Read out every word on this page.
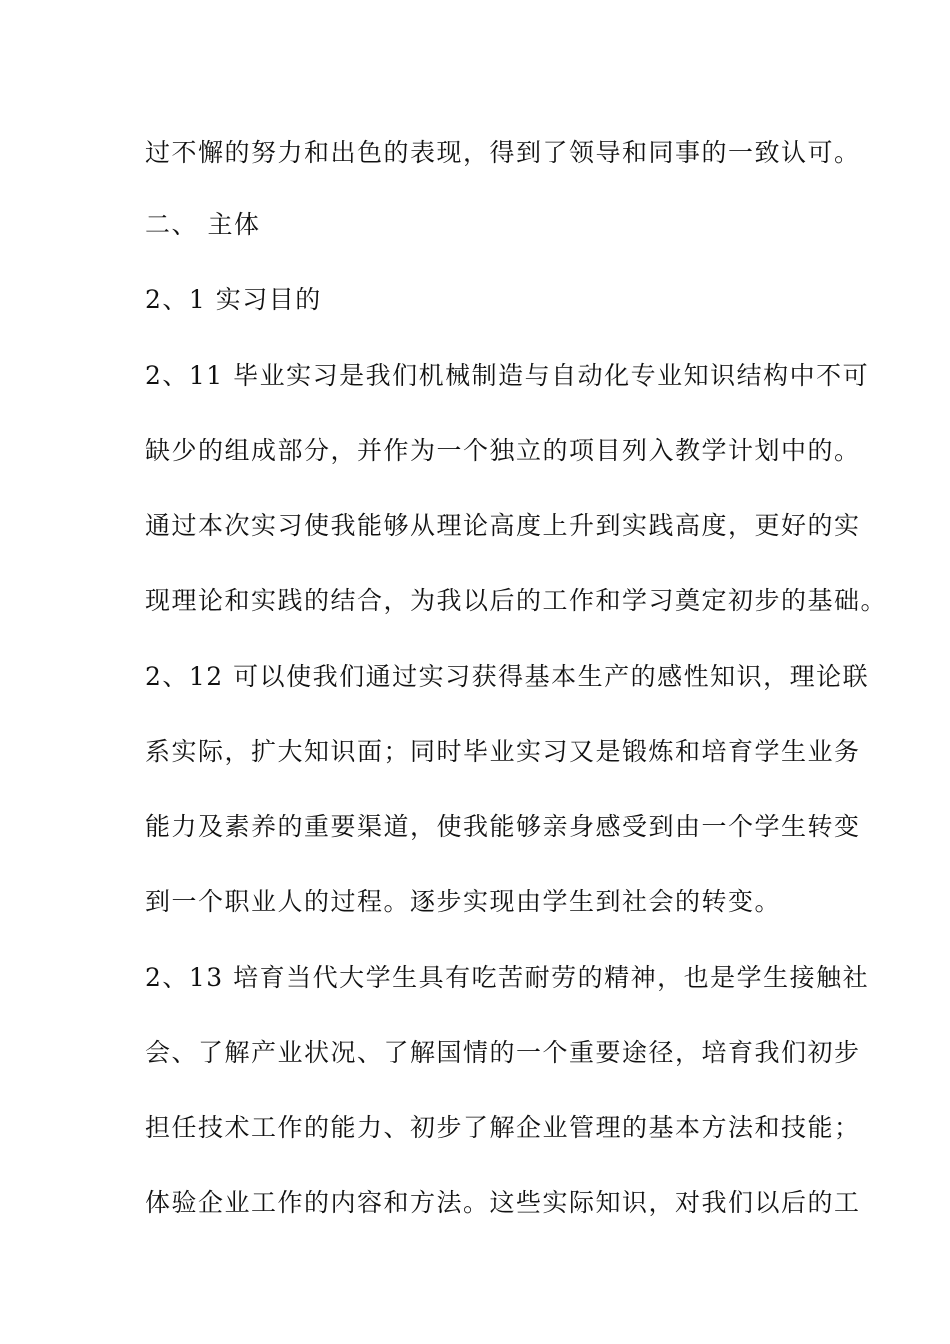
过不懈的努力和出色的表现，得到了领导和同事的一致认可。
二、 主体
2、1 实习目的
2、11 毕业实习是我们机械制造与自动化专业知识结构中不可
缺少的组成部分，并作为一个独立的项目列入教学计划中的。
通过本次实习使我能够从理论高度上升到实践高度，更好的实
现理论和实践的结合，为我以后的工作和学习奠定初步的基础。
2、12 可以使我们通过实习获得基本生产的感性知识，理论联
系实际，扩大知识面；同时毕业实习又是锻炼和培育学生业务
能力及素养的重要渠道，使我能够亲身感受到由一个学生转变
到一个职业人的过程。逐步实现由学生到社会的转变。
2、13 培育当代大学生具有吃苦耐劳的精神，也是学生接触社
会、了解产业状况、了解国情的一个重要途径，培育我们初步
担任技术工作的能力、初步了解企业管理的基本方法和技能；
体验企业工作的内容和方法。这些实际知识，对我们以后的工
